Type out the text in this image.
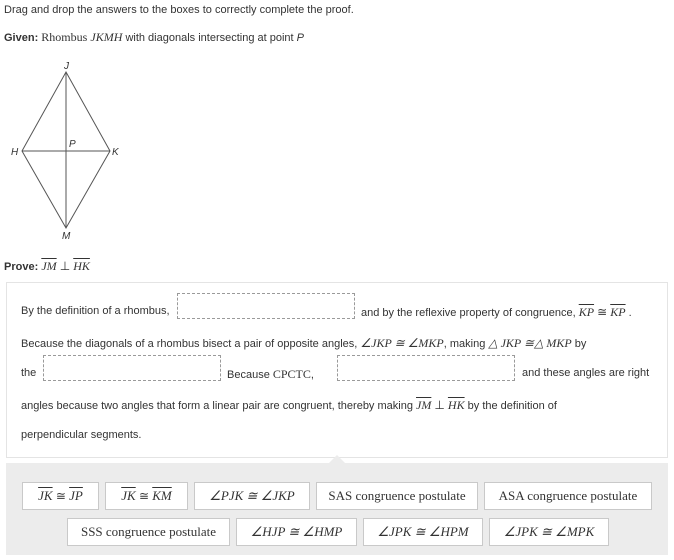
Drag and drop the answers to the boxes to correctly complete the proof.
Given: Rhombus JKMH with diagonals intersecting at point P
J
K
M
H
P
Prove: $\overline{JM}$ ⊥ $\overline{HK}$
By the definition of a rhombus,	and by the reflexive property of congruence, $\overline{KP}$ ≅ $\overline{KP}$ .
Because the diagonals of a rhombus bisect a pair of opposite angles, ∠JKP ≅ ∠MKP, making △ JKP ≅△ MKP by
the	Because CPCTC,	and these angles are right
angles because two angles that form a linear pair are congruent, thereby making $\overline{JM}$ ⊥ $\overline{HK}$ by the definition of
perpendicular segments.
$\overline{JK}$
≅
$\overline{JP}$	$\overline{JK}$
≅
$\overline{KM}$	∠PJK ≅ ∠JKP	SAS congruence postulate	ASA congruence postulate
SSS congruence postulate	∠HJP ≅ ∠HMP	∠JPK ≅ ∠HPM	∠JPK ≅ ∠MPK
